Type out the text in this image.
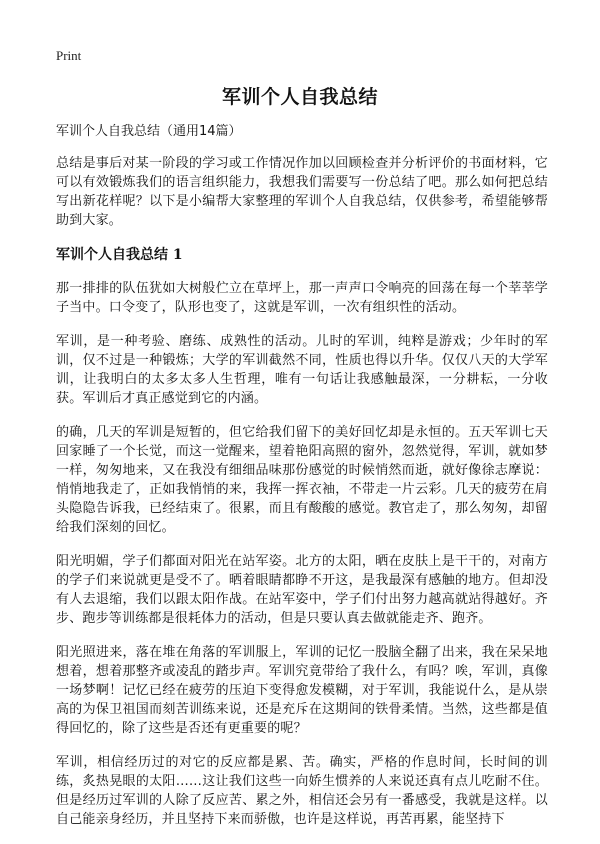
Print
军训个人自我总结

军训个人自我总结（通用14篇）

总结是事后对某一阶段的学习或工作情况作加以回顾检查并分析评价的书面材料，它可以有效锻炼我们的语言组织能力，我想我们需要写一份总结了吧。那么如何把总结写出新花样呢？以下是小编帮大家整理的军训个人自我总结，仅供参考，希望能够帮助到大家。

军训个人自我总结 1

那一排排的队伍犹如大树般伫立在草坪上，那一声声口令响亮的回荡在每一个莘莘学子当中。口令变了，队形也变了，这就是军训，一次有组织性的活动。

军训，是一种考验、磨练、成熟性的活动。儿时的军训，纯粹是游戏；少年时的军训，仅不过是一种锻炼；大学的军训截然不同，性质也得以升华。仅仅八天的大学军训，让我明白的太多太多人生哲理，唯有一句话让我感触最深，一分耕耘，一分收获。军训后才真正感觉到它的内涵。

的确，几天的军训是短暂的，但它给我们留下的美好回忆却是永恒的。五天军训七天回家睡了一个长觉，而这一觉醒来，望着艳阳高照的窗外，忽然觉得，军训，就如梦一样，匆匆地来，又在我没有细细品味那份感觉的时候悄然而逝，就好像徐志摩说：悄悄地我走了，正如我悄悄的来，我挥一挥衣袖，不带走一片云彩。几天的疲劳在肩头隐隐告诉我，已经结束了。很累，而且有酸酸的感觉。教官走了，那么匆匆，却留给我们深刻的回忆。

阳光明媚，学子们都面对阳光在站军姿。北方的太阳，晒在皮肤上是干干的，对南方的学子们来说就更是受不了。晒着眼睛都睁不开这，是我最深有感触的地方。但却没有人去退缩，我们以跟太阳作战。在站军姿中，学子们付出努力越高就站得越好。齐步、跑步等训练都是很耗体力的活动，但是只要认真去做就能走齐、跑齐。

阳光照进来，落在堆在角落的军训服上，军训的记忆一股脑全翻了出来，我在呆呆地想着，想着那整齐或凌乱的踏步声。军训究竟带给了我什么，有吗？唉，军训，真像一场梦啊！记忆已经在疲劳的压迫下变得愈发模糊，对于军训，我能说什么，是从崇高的为保卫祖国而刻苦训练来说，还是充斥在这期间的铁骨柔情。当然，这些都是值得回忆的，除了这些是否还有更重要的呢？

军训，相信经历过的对它的反应都是累、苦。确实，严格的作息时间，长时间的训练，炙热晃眼的太阳……这让我们这些一向娇生惯养的人来说还真有点儿吃耐不住。但是经历过军训的人除了反应苦、累之外，相信还会另有一番感受，我就是这样。以自己能亲身经历，并且坚持下来而骄傲，也许是这样说，再苦再累，能坚持下
